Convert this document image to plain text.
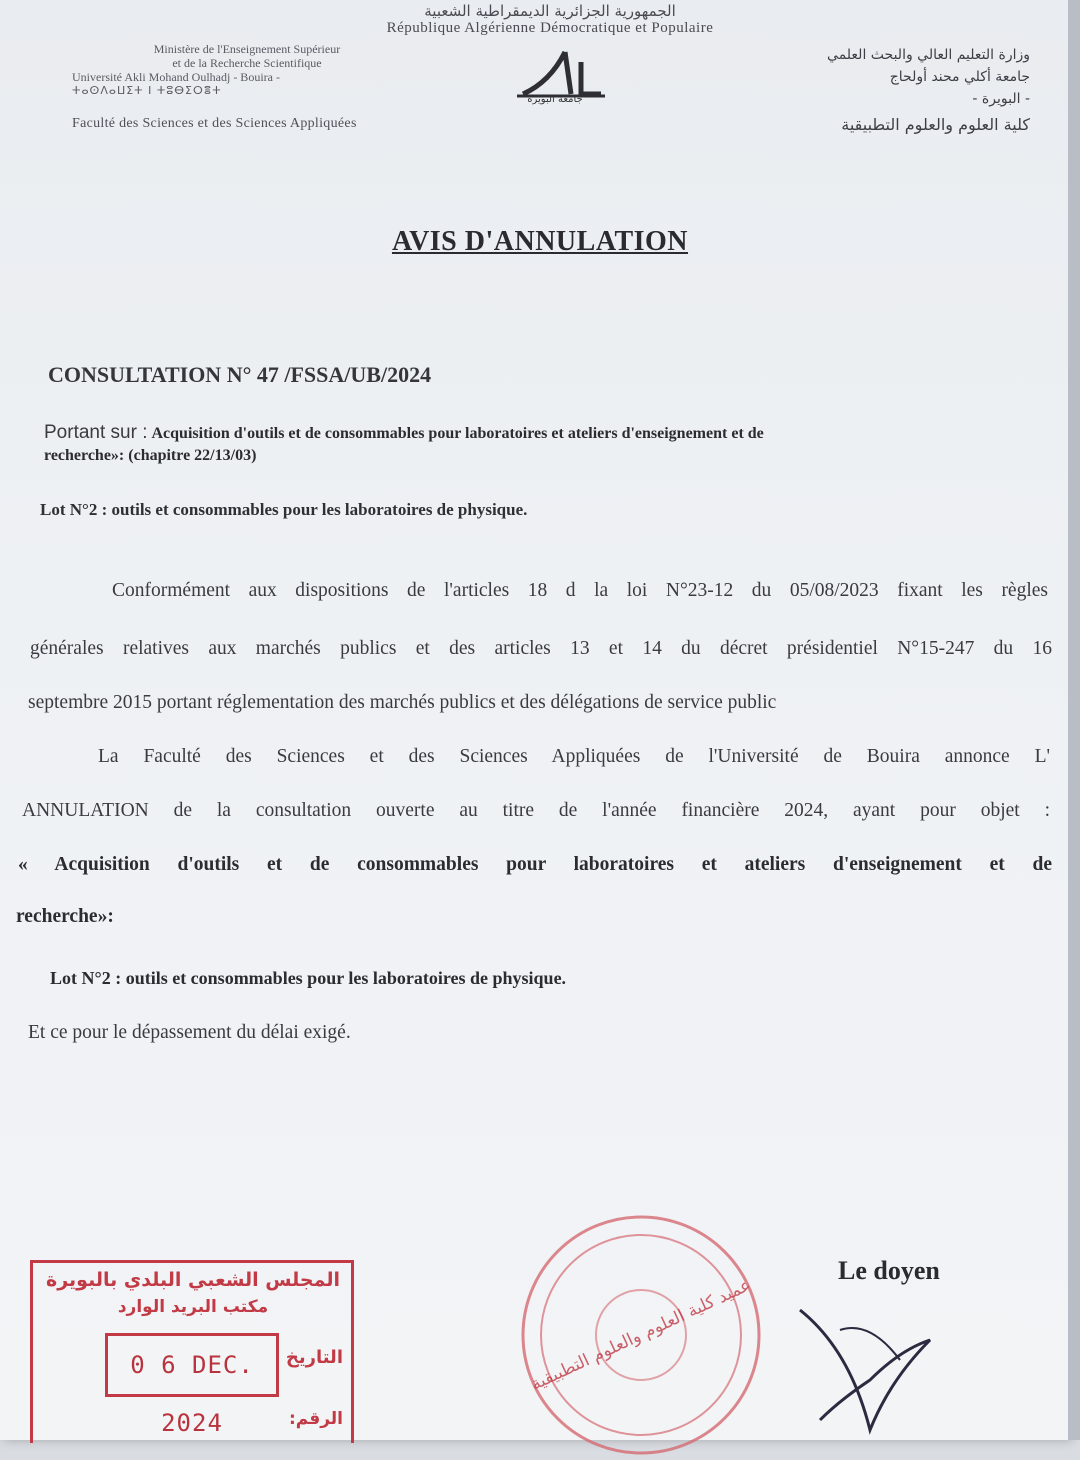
الجمهورية الجزائرية الديمقراطية الشعبية
République Algérienne Démocratique et Populaire
Ministère de l'Enseignement Supérieur
et de la Recherche Scientifique
Université Akli Mohand Oulhadj - Bouira -
ⵜⴰⵙⴷⴰⵡⵉⵜ ⵏ ⵜⵓⴱⵉⵔⴻⵜ
Faculté des Sciences et des Sciences Appliquées
جامعة البويرة
وزارة التعليم العالي والبحث العلمي
جامعة أكلي محند أولحاج
- البويرة -
كلية العلوم والعلوم التطبيقية
AVIS D'ANNULATION
CONSULTATION N° 47 /FSSA/UB/2024
Portant sur : Acquisition d'outils et de consommables pour laboratoires et ateliers d'enseignement et de
recherche»: (chapitre 22/13/03)
Lot N°2 : outils et consommables pour les laboratoires de physique.
Conformément aux dispositions de l'articles 18 d la loi N°23-12 du 05/08/2023 fixant les règles
générales relatives aux marchés publics et des articles 13 et 14 du décret présidentiel N°15-247 du 16
septembre 2015 portant réglementation des marchés publics et des délégations de service public
La Faculté des Sciences et des Sciences Appliquées de l'Université de Bouira annonce L'
ANNULATION de la consultation ouverte au titre de l'année financière 2024, ayant pour objet :
« Acquisition d'outils et de consommables pour laboratoires et ateliers d'enseignement et de
recherche»:
Lot N°2 : outils et consommables pour les laboratoires de physique.
Et ce pour le dépassement du délai exigé.
Le doyen
المجلس الشعبي البلدي بالبويرة
مكتب البريد الوارد
0 6 DEC. 2024
التاريخ
الرقم:
عميد كلية العلوم والعلوم التطبيقية
